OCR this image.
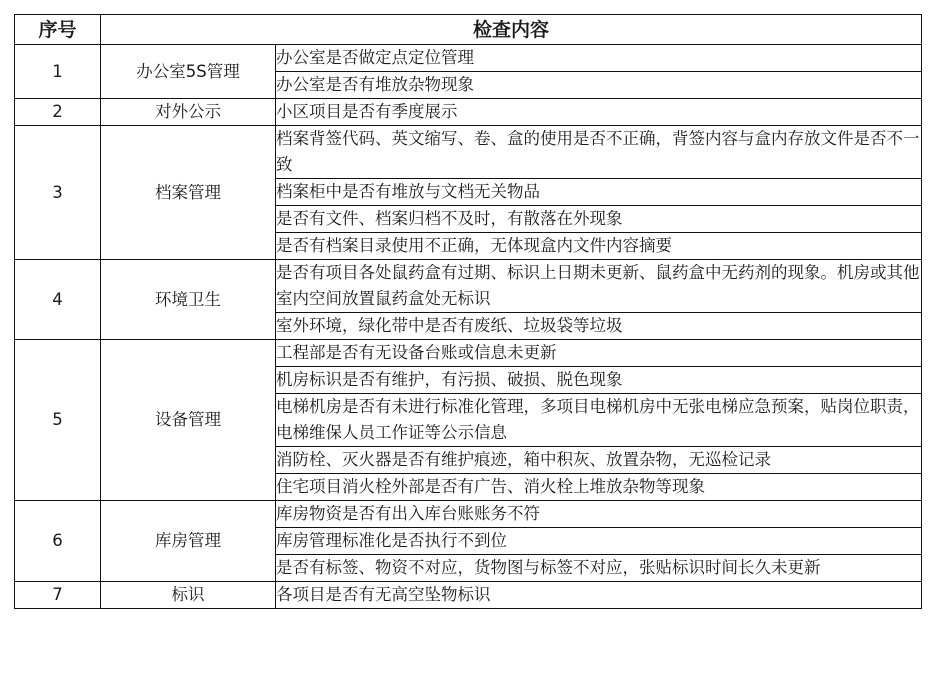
序号	检查内容	
1	办公室5S管理	办公室是否做定点定位管理
		办公室是否有堆放杂物现象
2	对外公示	小区项目是否有季度展示
3	档案管理	档案背签代码、英文缩写、卷、盒的使用是否不正确，背签内容与盒内存放文件是否不一致
		档案柜中是否有堆放与文档无关物品
		是否有文件、档案归档不及时，有散落在外现象
		是否有档案目录使用不正确，无体现盒内文件内容摘要
4	环境卫生	是否有项目各处鼠药盒有过期、标识上日期未更新、鼠药盒中无药剂的现象。机房或其他室内空间放置鼠药盒处无标识
		室外环境，绿化带中是否有废纸、垃圾袋等垃圾
5	设备管理	工程部是否有无设备台账或信息未更新
		机房标识是否有维护，有污损、破损、脱色现象
		电梯机房是否有未进行标准化管理，多项目电梯机房中无张电梯应急预案，贴岗位职责，电梯维保人员工作证等公示信息
		消防栓、灭火器是否有维护痕迹，箱中积灰、放置杂物，无巡检记录
		住宅项目消火栓外部是否有广告、消火栓上堆放杂物等现象
6	库房管理	库房物资是否有出入库台账账务不符
		库房管理标准化是否执行不到位
		是否有标签、物资不对应，货物图与标签不对应，张贴标识时间长久未更新
7	标识	各项目是否有无高空坠物标识
